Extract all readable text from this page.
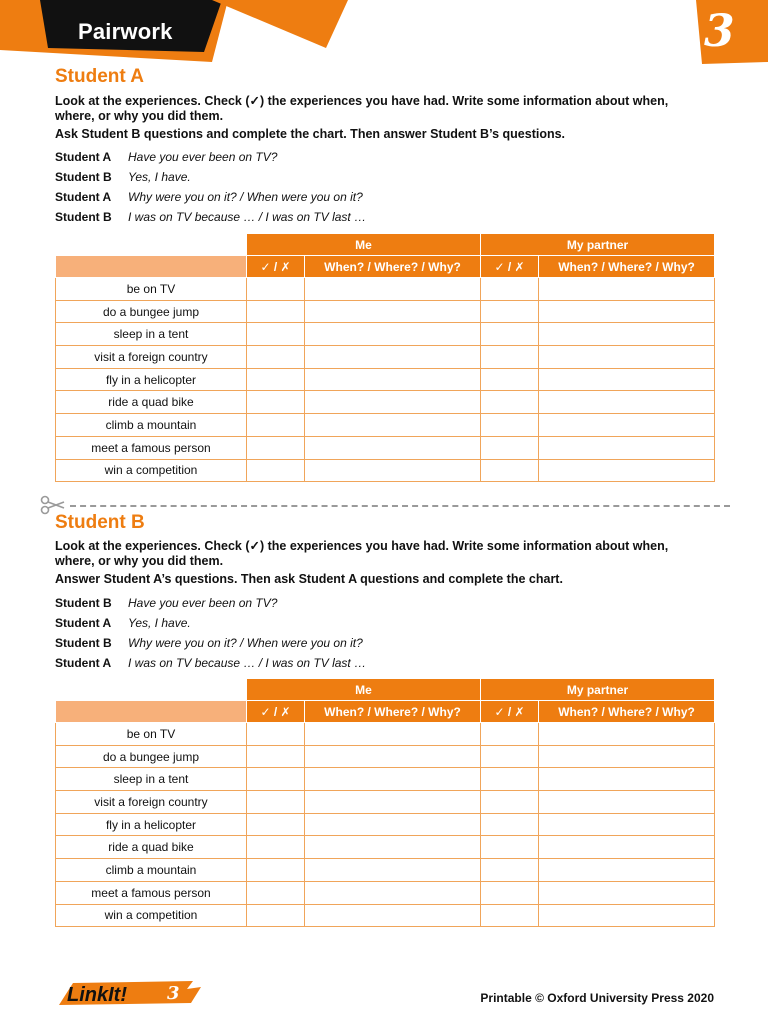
Pairwork	3
Student A
Look at the experiences. Check (✓) the experiences you have had. Write some information about when, where, or why you did them.
Ask Student B questions and complete the chart. Then answer Student B’s questions.
Student A	Have you ever been on TV?
Student B	Yes, I have.
Student A	Why were you on it? / When were you on it?
Student B	I was on TV because … / I was on TV last …
	Me		My partner	
	✓ / ✗	When? / Where? / Why?	✓ / ✗	When? / Where? / Why?
be on TV				
do a bungee jump				
sleep in a tent				
visit a foreign country				
fly in a helicopter				
ride a quad bike				
climb a mountain				
meet a famous person				
win a competition				
Student B
Look at the experiences. Check (✓) the experiences you have had. Write some information about when, where, or why you did them.
Answer Student A’s questions. Then ask Student A questions and complete the chart.
Student B	Have you ever been on TV?
Student A	Yes, I have.
Student B	Why were you on it? / When were you on it?
Student A	I was on TV because … / I was on TV last …
	Me		My partner	
	✓ / ✗	When? / Where? / Why?	✓ / ✗	When? / Where? / Why?
be on TV				
do a bungee jump				
sleep in a tent				
visit a foreign country				
fly in a helicopter				
ride a quad bike				
climb a mountain				
meet a famous person				
win a competition				
LinkIt! 3	Printable © Oxford University Press 2020
